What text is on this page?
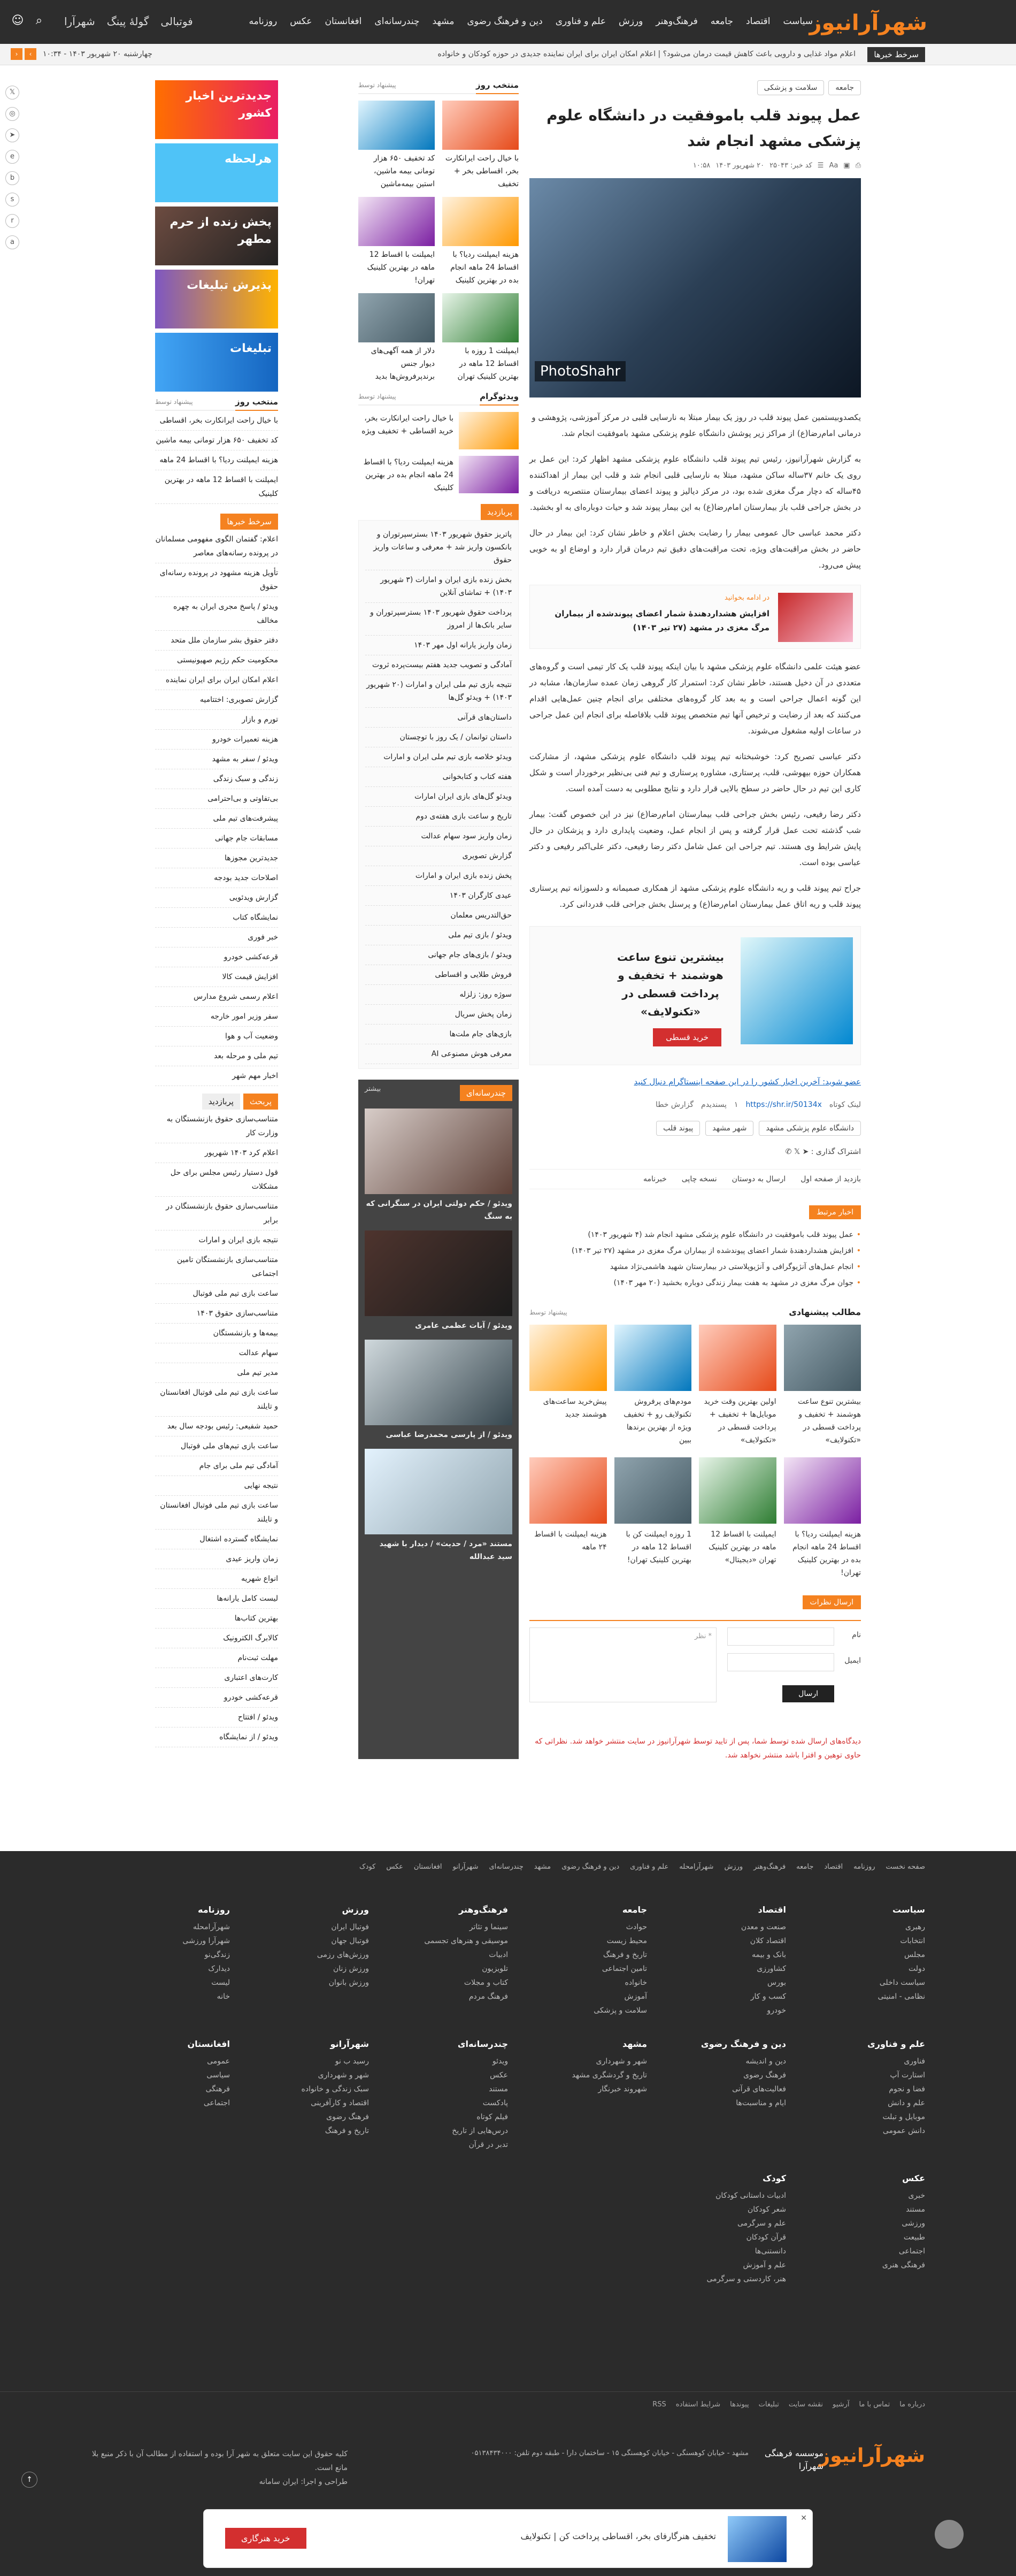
شهرآرانیوز
سیاست
اقتصاد
جامعه
فرهنگ‌وهنر
ورزش
علم و فناوری
دین و فرهنگ رضوی
مشهد
چندرسانه‌ای
افغانستان
عکس
روزنامه
فوتبالی
گولهٔ پینگ
شهرآرا
⌕
☺
سرخط خبرها
اعلام مواد غذایی و دارویی باعث کاهش قیمت درمان می‌شود؟ | اعلام امکان ایران برای ایران نماینده جدیدی در حوزه کودکان و خانواده
چهارشنبه ۲۰ شهریور ۱۴۰۳ - ۱۰:۳۴
‹	›
𝕏
◎
➤
e
b
s
r
a
جامعه
سلامت و پزشکی
عمل پیوند قلب باموفقیت در دانشگاه علوم پزشکی مشهد انجام شد
⎙
▣
Aa
☰
کد خبر: ۲۵۰۴۳
۲۰ شهریور ۱۴۰۳
۱۰:۵۸
PhotoShahr
یکصدوبیستمین عمل پیوند قلب در روز یک بیمار مبتلا به نارسایی قلبی در مرکز آموزشی، پژوهشی و درمانی امام‌رضا(ع) از مراکز زیر پوشش دانشگاه علوم پزشکی مشهد باموفقیت انجام شد.

به گزارش شهرآرانیوز، رئیس تیم پیوند قلب دانشگاه علوم پزشکی مشهد اظهار کرد: این عمل بر روی یک خانم ۳۷ساله ساکن مشهد، مبتلا به نارسایی قلبی انجام شد و قلب این بیمار از اهداکننده ۴۵ساله که دچار مرگ مغزی شده بود، در مرکز دیالیز و پیوند اعضای بیمارستان منتصریه دریافت و در بخش جراحی قلب باز بیمارستان امام‌رضا(ع) به این بیمار پیوند شد و حیات دوباره‌ای به او بخشید.

دکتر محمد عباسی حال عمومی بیمار را رضایت بخش اعلام و خاطر نشان کرد: این بیمار در حال حاضر در بخش مراقبت‌های ویژه، تحت مراقبت‌های دقیق تیم درمان قرار دارد و اوضاع او به خوبی پیش می‌رود.

در ادامه بخوانید
افزایش هشدار‌دهندهٔ شمار اعضای پیوندشده از بیماران مرگ مغزی در مشهد (۲۷ تیر ۱۴۰۳)

عضو هیئت علمی دانشگاه علوم پزشکی مشهد با بیان اینکه پیوند قلب یک کار تیمی است و گروه‌های متعددی در آن دخیل هستند، خاطر نشان کرد: استمرار کار گروهی زمان عمده سازمان‌ها، مشابه در این گونه اعمال جراحی است و به بعد کار گروه‌های مختلفی برای انجام چنین عمل‌هایی اقدام می‌کنند که بعد از رضایت و ترخیص آنها تیم متخصص پیوند قلب بلافاصله برای انجام این عمل جراحی در ساعات اولیه مشغول می‌شوند.

دکتر عباسی تصریح کرد: خوشبختانه تیم پیوند قلب دانشگاه علوم پزشکی مشهد، از مشارکت همکاران حوزه بیهوشی، قلب، پرستاری، مشاوره پرستاری و تیم فنی بی‌نظیر برخوردار است و شکل کاری این تیم در حال حاضر در سطح بالایی قرار دارد و نتایج مطلوبی به دست آمده است.

دکتر رضا رفیعی، رئیس بخش جراحی قلب بیمارستان امام‌رضا(ع) نیز در این خصوص گفت: بیمار شب گذشته تحت عمل قرار گرفته و پس از انجام عمل، وضعیت پایداری دارد و پزشکان در حال پایش شرایط وی هستند. تیم جراحی این عمل شامل دکتر رضا رفیعی، دکتر علی‌اکبر رفیعی و دکتر عباسی بوده است.

جراح تیم پیوند قلب و ریه دانشگاه علوم پزشکی مشهد از همکاری صمیمانه و دلسوزانه تیم پرستاری پیوند قلب و ریه اتاق عمل بیمارستان امام‌رضا(ع) و پرسنل بخش جراحی قلب قدردانی کرد.

بیشترین تنوع ساعت هوشمند + تخفیف و پرداخت قسطی در «تکنولایف»
خرید قسطی
عضو شوید: آخرین اخبار کشور را در این صفحه اینستاگرام دنبال کنید
لینک کوتاه
https://shr.ir/50134x
۱
پسندیدم
گزارش خطا
دانشگاه علوم پزشکی مشهد
شهر مشهد
پیوند قلب
اشتراک گذاری : ➤ 𝕏 ✆
بازدید از صفحه اول
ارسال به دوستان
نسخه چاپی
خبرنامه
اخبار مرتبط
• عمل پیوند قلب باموفقیت در دانشگاه علوم پزشکی مشهد انجام شد (۴ شهریور ۱۴۰۳)
• افزایش هشدار‌دهندهٔ شمار اعضای پیوندشده از بیماران مرگ مغزی در مشهد (۲۷ تیر ۱۴۰۳)
• انجام عمل‌های آنژیوگرافی و آنژیوپلاستی در بیمارستان شهید هاشمی‌نژاد مشهد
• جوان مرگ مغزی در مشهد به هفت بیمار زندگی دوباره بخشید (۲۰ مهر ۱۴۰۳)
مطالب پیشنهادی
پیشنهاد توسط
بیشترین تنوع ساعت هوشمند + تخفیف و پرداخت قسطی در «تکنولایف»
اولین بهترین وقت خرید موبایل‌ها + تخفیف + پرداخت قسطی در «تکنولایف»
مودم‌های پرفروش تکنولایف رو + تخفیف ویژه از بهترین برندها ببین
پیش‌خرید ساعت‌های هوشمند جدید
هزینه ایمپلنت ردیا؟ با اقساط 24 ماهه انجام بده در بهترین کلینیک تهران!
ایمپلنت با اقساط 12 ماهه در بهترین کلینیک تهران «دیجیتال»
1 روزه ایمپلنت کن با اقساط 12 ماهه در بهترین کلینیک تهران!
هزینه ایمپلنت با اقساط ۲۴ ماهه
ارسال نظرات
نام
ایمیل
* نظر
ارسال
دیدگاه‌های ارسال شده توسط شما، پس از تایید توسط شهرآرانیوز در سایت منتشر خواهد شد. نظراتی که حاوی توهین و افترا باشد منتشر نخواهد شد.
منتخب روز
پیشنهاد توسط
با خیال راحت ایرانکارت بخر، اقساطی بخر + تخفیف
کد تخفیف ۶۵۰ هزار تومانی بیمه ماشین، استین بیمه‌ماشین
هزینه ایمپلنت ردیا؟ با اقساط 24 ماهه انجام بده در بهترین کلینیک
ایمپلنت با اقساط 12 ماهه در بهترین کلینیک تهران!
ایمپلنت 1 روزه با اقساط 12 ماهه در بهترین کلینیک تهران
دلار از همه آگهی‌های دیوار جنس برندپرفروش‌ها بدید
ویدئوگرام
پیشنهاد توسط
با خیال راحت ایرانکارت بخر، خرید اقساطی + تخفیف ویژه
هزینه ایمپلنت ردیا؟ با اقساط 24 ماهه انجام بده در بهترین کلینیک
پربازدید
پاتریز حقوق شهریور ۱۴۰۳ بسترسپرتوران و بانکسون واریز شد + معرفی و ساعات واریز حقوق
بخش زنده بازی ایران و امارات (۳ شهریور ۱۴۰۳) + تماشای آنلاین
پرداخت حقوق شهریور ۱۴۰۳ بسترسپرتوران و سایر بانک‌ها از امروز
زمان واریز یارانه اول مهر ۱۴۰۳
آمادگی و تصویب جدید هفتم بیست‌پرده ثروت
نتیجه بازی تیم ملی ایران و امارات (۲۰ شهریور ۱۴۰۳) + ویدئو گل‌ها
داستان‌های قرآنی
داستان توانمان / یک روز با توچستان
ویدئو خلاصه بازی تیم ملی ایران و امارات
هفته کتاب و کتابخوانی
ویدئو گل‌های بازی ایران امارات
تاریخ و ساعت بازی هفته‌ی دوم
زمان واریز سود سهام عدالت
گزارش تصویری
پخش زنده بازی ایران و امارات
عیدی کارگران ۱۴۰۳
حق‌التدریس معلمان
ویدئو / بازی تیم ملی
ویدئو / بازی‌های جام جهانی
فروش طلایی و اقساطی
سوژه روز: زلزله
زمان پخش سریال
بازی‌های جام ملت‌ها
معرفی هوش مصنوعی AI
چندرسانه‌ای
بیشتر
ویدئو / حکم دولتی ایران در سنگرانی که به سنگ
ویدئو / آیات عظمی عامری
ویدئو / از پارسی محمدرضا عباسی
مستند «مرد / حدیث» / دیدار با شهید سید عبدالله
جدیدترین اخبار کشور
هرلحظه
پخش زنده از حرم مطهر
پذیرش تبلیغات
تبلیغات
منتخب روز
پیشنهاد توسط
با خیال راحت ایرانکارت بخر، اقساطی
کد تخفیف ۶۵۰ هزار تومانی بیمه ماشین
هزینه ایمپلنت ردیا؟ با اقساط 24 ماهه
ایمپلنت با اقساط 12 ماهه در بهترین کلینیک
سرخط خبرها
اعلام: گفتمان الگوی مفهومی مسلمانان در پرونده رسانه‌های معاصر
تأویل هزینه مشهود در پرونده رسانه‌ای حقوق
ویدئو / پاسخ مجری ایران به چهره مخالف
دفتر حقوق بشر سازمان ملل متحد
محکومیت حکم رژیم صهیونیستی
اعلام امکان ایران برای ایران نماینده
گزارش تصویری: اختتامیه
تورم و بازار
هزینه تعمیرات خودرو
ویدئو / سفر به مشهد
زندگی و سبک زندگی
بی‌تفاوتی و بی‌احترامی
پیشرفت‌های تیم ملی
مسابقات جام جهانی
جدیدترین مجوزها
اصلاحات جدید بودجه
گزارش ویدئویی
نمایشگاه کتاب
خبر فوری
قرعه‌کشی خودرو
افزایش قیمت کالا
اعلام رسمی شروع مدارس
سفر وزیر امور خارجه
وضعیت آب و هوا
تیم ملی و مرحله بعد
اخبار مهم شهر
پربحث
پربازدید
متناسب‌سازی حقوق بازنشستگان به وزارت کار
اعلام کرد ۱۴۰۳ شهریور
قول دستیار رئیس مجلس برای حل مشکلات
متناسب‌سازی حقوق بازنشستگان در برابر
نتیجه بازی ایران و امارات
متناسب‌سازی بازنشستگان تامین اجتماعی
ساعت بازی تیم ملی فوتبال
متناسب‌سازی حقوق ۱۴۰۳
بیمه‌ها و بازنشستگان
سهام عدالت
مدیر تیم ملی
ساعت بازی تیم ملی فوتبال افغانستان و تایلند
حمید شفیعی: رئیس بودجه سال بعد
ساعت بازی تیم‌های ملی فوتبال
آمادگی تیم ملی برای جام
نتیجه نهایی
ساعت بازی تیم ملی فوتبال افغانستان و تایلند
نمایشگاه گسترده اشتغال
زمان واریز عیدی
انواع شهریه
لیست کامل یارانه‌ها
بهترین کتاب‌ها
کالابرگ الکترونیک
مهلت ثبت‌نام
کارت‌های اعتباری
قرعه‌کشی خودرو
ویدئو / افتتاح
ویدئو / از نمایشگاه
صفحه نخست
روزنامه
اقتصاد
جامعه
فرهنگ‌وهنر
ورزش
شهرآرامحله
علم و فناوری
دین و فرهنگ رضوی
مشهد
چندرسانه‌ای
شهرآرانو
افغانستان
عکس
کودک
سیاست
رهبری
انتخابات
مجلس
دولت
سیاست داخلی
نظامی - امنیتی
اقتصاد
صنعت و معدن
اقتصاد کلان
بانک و بیمه
کشاورزی
بورس
کسب و کار
خودرو
جامعه
حوادث
محیط زیست
تاریخ و فرهنگ
تامین اجتماعی
خانواده
آموزش
سلامت و پزشکی
فرهنگ‌وهنر
سینما و تئاتر
موسیقی و هنرهای تجسمی
ادبیات
تلویزیون
کتاب و مجلات
فرهنگ مردم
ورزش
فوتبال ایران
فوتبال جهان
ورزش‌های رزمی
ورزش زنان
ورزش بانوان
روزنامه
شهرآرامحله
شهرآرا ورزشی
زندگی‌نو
دیدارک
لیست
خانه
علم و فناوری
فناوری
استارت آپ
فضا و نجوم
علم و دانش
موبایل و تبلت
دانش عمومی
دین و فرهنگ رضوی
دین و اندیشه
فرهنگ رضوی
فعالیت‌های قرآنی
ایام و مناسبت‌ها
مشهد
شهر و شهرداری
تاریخ و گردشگری مشهد
شهروند خبرنگار
چندرسانه‌ای
ویدئو
عکس
مستند
پادکست
فیلم کوتاه
درس‌هایی از تاریخ
تدبر در قرآن
شهرآرانو
رسید ب نو
شهر و شهرداری
سبک زندگی و خانواده
اقتصاد و کارآفرینی
فرهنگ رضوی
تاریخ و فرهنگ
افغانستان
عمومی
سیاسی
فرهنگی
اجتماعی
عکس
خبری
مستند
ورزشی
طبیعت
اجتماعی
فرهنگی هنری
کودک
ادبیات داستانی کودکان
شعر کودکان
علم و سرگرمی
قرآن کودکان
دانستنی‌ها
علم و آموزش
هنر، کاردستی و سرگرمی
درباره ما
تماس با ما
آرشیو
نقشه سایت
تبلیغات
پیوندها
شرایط استفاده
RSS
شهرآرانیوز
موسسه فرهنگی شهرآرا
مشهد - خیابان کوهسنگی - خیابان کوهسنگی ۱۵ - ساختمان دارا - طبقه دوم تلفن: ۰۵۱۳۸۴۳۴۰۰۰
کلیه حقوق این سایت متعلق به شهر آرا بوده و استفاده از مطالب آن با ذکر منبع بلا مانع است.
طراحی و اجرا: ایران سامانه
↑
✕
تخفیف هنرگارفای بخر، اقساطی پرداخت کن | تکنولایف
خرید هنرگاری
